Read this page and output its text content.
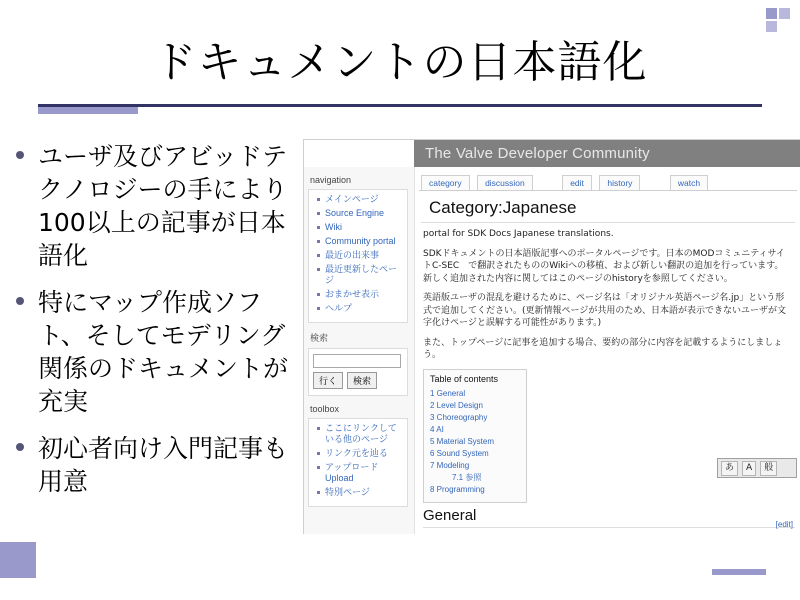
ドキュメントの日本語化
ユーザ及びアビッドテクノロジーの手により100以上の記事が日本語化
特にマップ作成ソフト、そしてモデリング関係のドキュメントが充実
初心者向け入門記事も用意
The Valve Developer Community
navigation
メインページ
Source Engine
Wiki
Community portal
最近の出来事
最近更新したページ
おまかせ表示
ヘルプ
検索
行く	検索
toolbox
ここにリンクしている他のページ
リンク元を辿る
アップロード Upload
特別ページ
category	discussion	edit	history	watch
Category:Japanese

portal for SDK Docs Japanese translations.

SDKドキュメントの日本語版記事へのポータルページです。日本のMODコミュニティサイトC-SEC　で翻訳されたもののWikiへの移植、および新しい翻訳の追加を行っています。新しく追加された内容に関してはこのページのhistoryを参照してください。

英語版ユーザの混乱を避けるために、ページ名は「オリジナル英語ページ名.jp」という形式で追加してください。(更新情報ページが共用のため、日本語が表示できないユーザが文字化けページと誤解する可能性があります。)

また、トップページに記事を追加する場合、要約の部分に内容を記載するようにしましょう。

Table of contents
1 General
2 Level Design
3 Choreography
4 AI
5 Material System
6 Sound System
7 Modeling
7.1 参照
8 Programming
General
[edit]
あ	A	般
